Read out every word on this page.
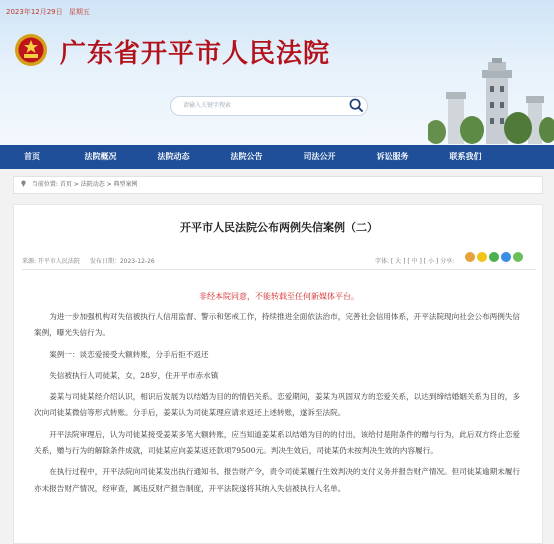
2023年12月29日 星期五
广东省开平市人民法院
请输入关键字搜索
首页	法院概况	法院动态	法院公告	司法公开	诉讼服务	联系我们
当前位置: 首页 > 法院动态 > 典型案例
开平市人民法院公布两例失信案例（二）
来源: 开平市人民法院 发布日期：2023-12-26	字体: [ 大 ] [ 中 ] [ 小 ] 分享:
非经本院同意，不能转载至任何新媒体平台。

为进一步加强机构对失信被执行人信用监督、警示和惩戒工作，持续推进全面依法治市，完善社会信用体系，开平法院现向社会公布两例失信案例，曝光失信行为。

案例一：谈恋爱接受大额转账，分手后拒不返还

失信被执行人司徒某，女，28岁，住开平市赤水镇

姜某与司徒某经介绍认识，相识后发展为以结婚为目的的情侣关系。恋爱期间，姜某为巩固双方的恋爱关系，以达到缔结婚姻关系为目的，多次向司徒某微信等形式转账。分手后，姜某认为司徒某理应请求返还上述转账，遂诉至法院。

开平法院审理后，认为司徒某接受姜某多笔大额转账，应当知道姜某系以结婚为目的的付出，该给付是附条件的赠与行为，此后双方终止恋爱关系，赠与行为的解除条件成就，司徒某应向姜某返还款项79500元。判决生效后，司徒某仍未按判决生效的内容履行。

在执行过程中，开平法院向司徒某发出执行通知书、报告财产令，责令司徒某履行生效判决的支付义务并报告财产情况。但司徒某逾期未履行亦未报告财产情况，经审查，属违反财产报告制度，开平法院遂将其纳入失信被执行人名单。
